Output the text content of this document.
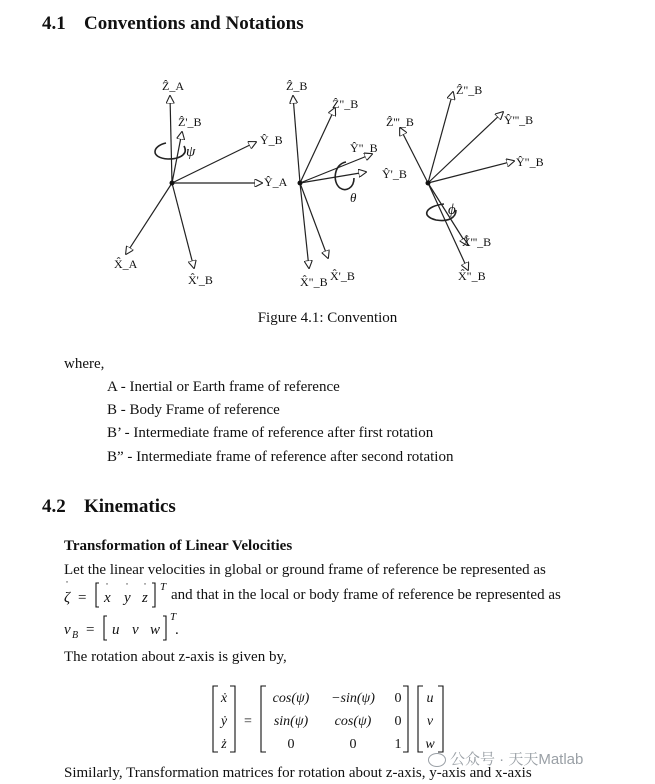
4.1 Conventions and Notations
Ẑ_A
Ẑ'_B
Ŷ_B
Ŷ_A
X̂_A
X̂'_B
ψ
Ẑ_B
Ẑ"_B
Ŷ"_B
Ŷ'_B
θ
X̂"_B X̂'_B
Ẑ"_B
Ẑ'''_B	Ŷ'''_B
Ŷ"_B
ϕ
X̂'''_B
X̂"_B
Figure 4.1: Convention
where,
A - Inertial or Earth frame of reference
B - Body Frame of reference
B’ - Intermediate frame of reference after first rotation
B” - Intermediate frame of reference after second rotation
4.2 Kinematics
Transformation of Linear Velocities
Let the linear velocities in global or ground frame of reference be represented as
ζ
˙
= x
˙
y
˙
z
˙ T and that in the local or body frame of reference be represented as
v B = u v w
T
.
The rotation about z-axis is given by,
ẋ
ẏ
ż
=
cos(ψ) −sin(ψ) 0
sin(ψ) cos(ψ) 0
0	0	1
u
v
w
公众号 · 天天Matlab
Similarly, Transformation matrices for rotation about z-axis, y-axis and x-axis
